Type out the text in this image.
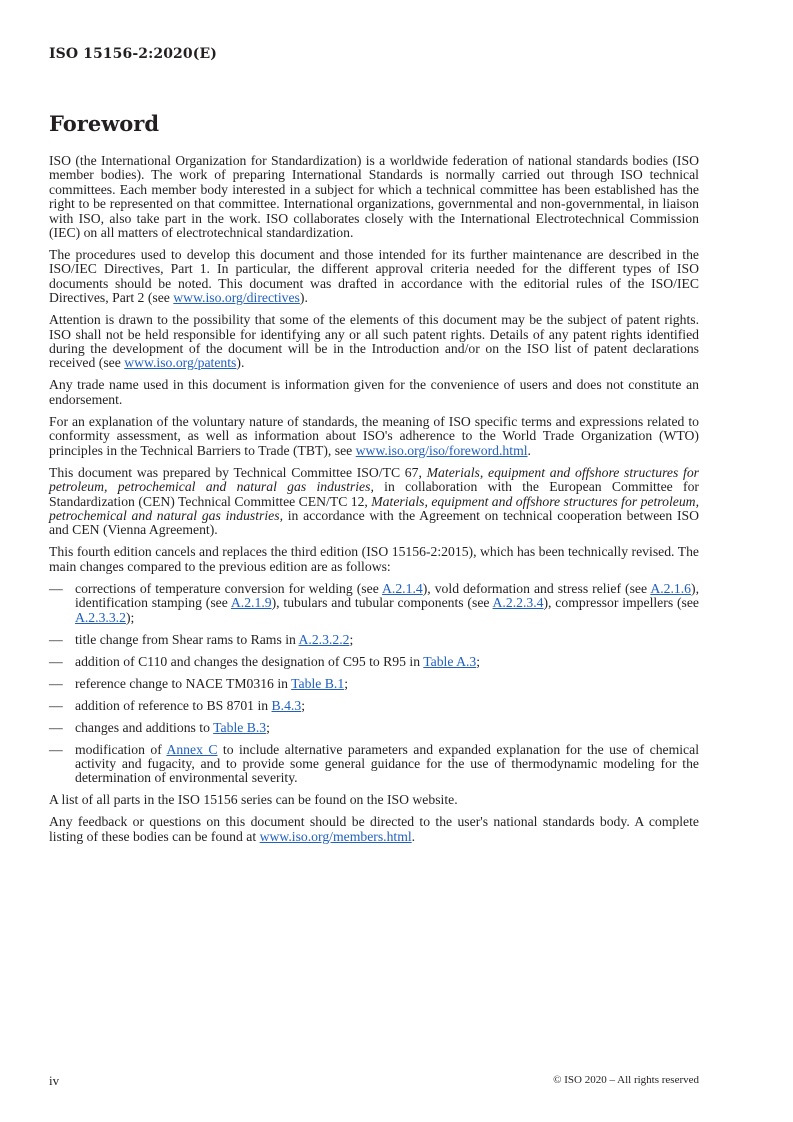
ISO 15156-2:2020(E)
Foreword

ISO (the International Organization for Standardization) is a worldwide federation of national standards bodies (ISO member bodies). The work of preparing International Standards is normally carried out through ISO technical committees. Each member body interested in a subject for which a technical committee has been established has the right to be represented on that committee. International organizations, governmental and non-governmental, in liaison with ISO, also take part in the work. ISO collaborates closely with the International Electrotechnical Commission (IEC) on all matters of electrotechnical standardization.

The procedures used to develop this document and those intended for its further maintenance are described in the ISO/IEC Directives, Part 1. In particular, the different approval criteria needed for the different types of ISO documents should be noted. This document was drafted in accordance with the editorial rules of the ISO/IEC Directives, Part 2 (see www.iso.org/directives).

Attention is drawn to the possibility that some of the elements of this document may be the subject of patent rights. ISO shall not be held responsible for identifying any or all such patent rights. Details of any patent rights identified during the development of the document will be in the Introduction and/or on the ISO list of patent declarations received (see www.iso.org/patents).

Any trade name used in this document is information given for the convenience of users and does not constitute an endorsement.

For an explanation of the voluntary nature of standards, the meaning of ISO specific terms and expressions related to conformity assessment, as well as information about ISO's adherence to the World Trade Organization (WTO) principles in the Technical Barriers to Trade (TBT), see www.iso.org/iso/foreword.html.

This document was prepared by Technical Committee ISO/TC 67, Materials, equipment and offshore structures for petroleum, petrochemical and natural gas industries, in collaboration with the European Committee for Standardization (CEN) Technical Committee CEN/TC 12, Materials, equipment and offshore structures for petroleum, petrochemical and natural gas industries, in accordance with the Agreement on technical cooperation between ISO and CEN (Vienna Agreement).

This fourth edition cancels and replaces the third edition (ISO 15156-2:2015), which has been technically revised. The main changes compared to the previous edition are as follows:

— corrections of temperature conversion for welding (see A.2.1.4), vold deformation and stress relief (see A.2.1.6), identification stamping (see A.2.1.9), tubulars and tubular components (see A.2.2.3.4), compressor impellers (see A.2.3.3.2);
— title change from Shear rams to Rams in A.2.3.2.2;
— addition of C110 and changes the designation of C95 to R95 in Table A.3;
— reference change to NACE TM0316 in Table B.1;
— addition of reference to BS 8701 in B.4.3;
— changes and additions to Table B.3;
— modification of Annex C to include alternative parameters and expanded explanation for the use of chemical activity and fugacity, and to provide some general guidance for the use of thermodynamic modeling for the determination of environmental severity.

A list of all parts in the ISO 15156 series can be found on the ISO website.

Any feedback or questions on this document should be directed to the user's national standards body. A complete listing of these bodies can be found at www.iso.org/members.html.

iv	© ISO 2020 – All rights reserved
